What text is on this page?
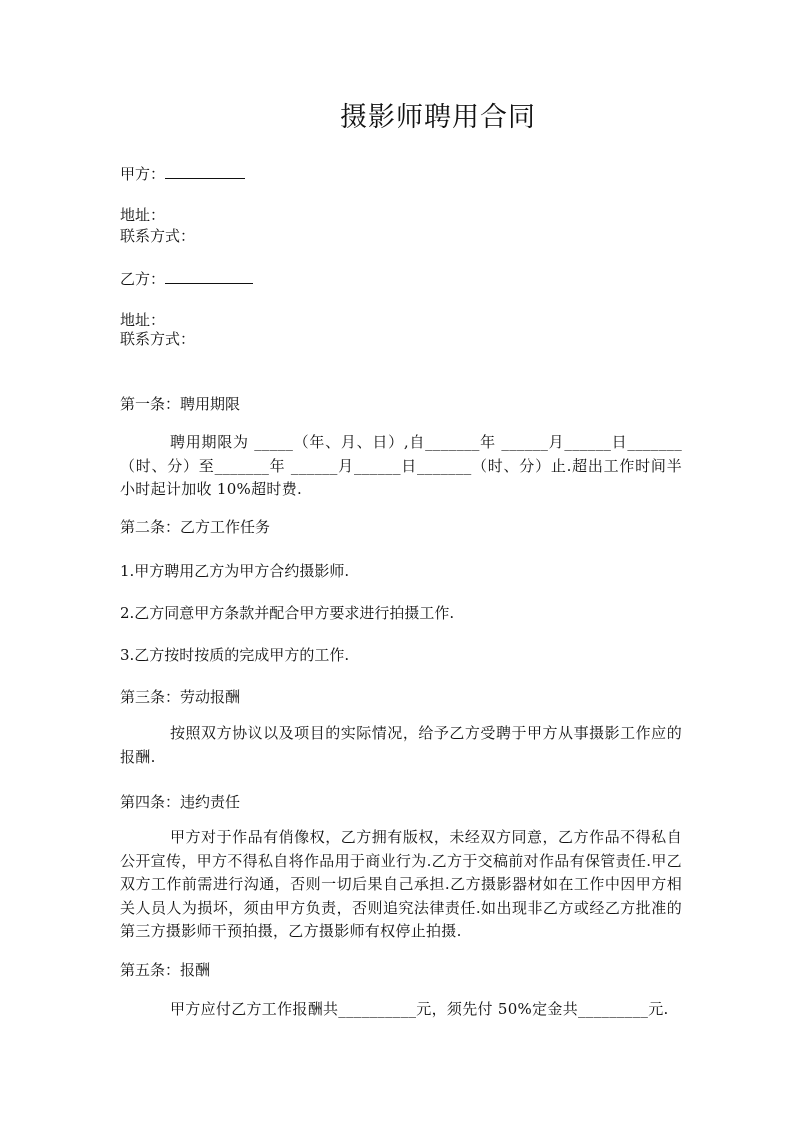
摄影师聘用合同
甲方：
地址：
联系方式：
乙方：
地址：
联系方式：
第一条：聘用期限
聘用期限为 _____（年、月、日）,自_______年 ______月______日_______（时、分）至_______年 ______月______日_______（时、分）止.超出工作时间半小时起计加收 10%超时费.
第二条：乙方工作任务
1.甲方聘用乙方为甲方合约摄影师.
2.乙方同意甲方条款并配合甲方要求进行拍摄工作.
3.乙方按时按质的完成甲方的工作.
第三条：劳动报酬
按照双方协议以及项目的实际情况，给予乙方受聘于甲方从事摄影工作应的报酬.
第四条：违约责任
甲方对于作品有俏像权，乙方拥有版权，未经双方同意，乙方作品不得私自公开宣传，甲方不得私自将作品用于商业行为.乙方于交稿前对作品有保管责任.甲乙双方工作前需进行沟通，否则一切后果自己承担.乙方摄影器材如在工作中因甲方相关人员人为损坏，须由甲方负责，否则追究法律责任.如出现非乙方或经乙方批准的第三方摄影师干预拍摄，乙方摄影师有权停止拍摄.
第五条：报酬
甲方应付乙方工作报酬共__________元，须先付 50%定金共_________元.
